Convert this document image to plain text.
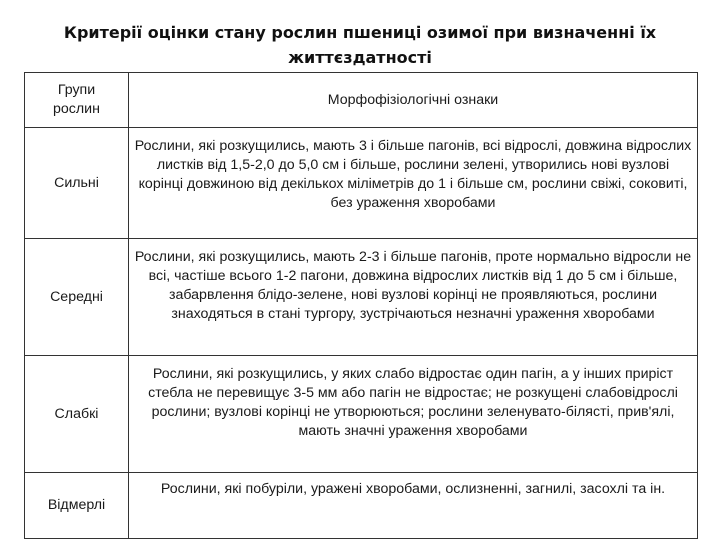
Критерії оцінки стану рослин пшениці озимої при визначенні їх життєздатності
Групи рослин	Морфофізіологічні ознаки
Сильні	Рослини, які розкущились, мають 3 і більше пагонів, всі відрослі, довжина відрослих листків від 1,5-2,0 до 5,0 см і більше, рослини зелені, утворились нові вузлові корінці довжиною від декількох міліметрів до 1 і більше см, рослини свіжі, соковиті, без ураження хворобами
Середні	Рослини, які розкущились, мають 2-3 і більше пагонів, проте нормально відросли не всі, частіше всього 1-2 пагони, довжина відрослих листків від 1 до 5 см і більше, забарвлення блідо-зелене, нові вузлові корінці не проявляються, рослини знаходяться в стані тургору, зустрічаються незначні ураження хворобами
Слабкі	Рослини, які розкущились, у яких слабо відростає один пагін, а у інших приріст стебла не перевищує 3-5 мм або пагін не відростає; не розкущені слабовідрослі рослини; вузлові корінці не утворюються; рослини зеленувато-білясті, прив'ялі, мають значні ураження хворобами
Відмерлі	Рослини, які побуріли, уражені хворобами, ослизненні, загнилі, засохлі та ін.
